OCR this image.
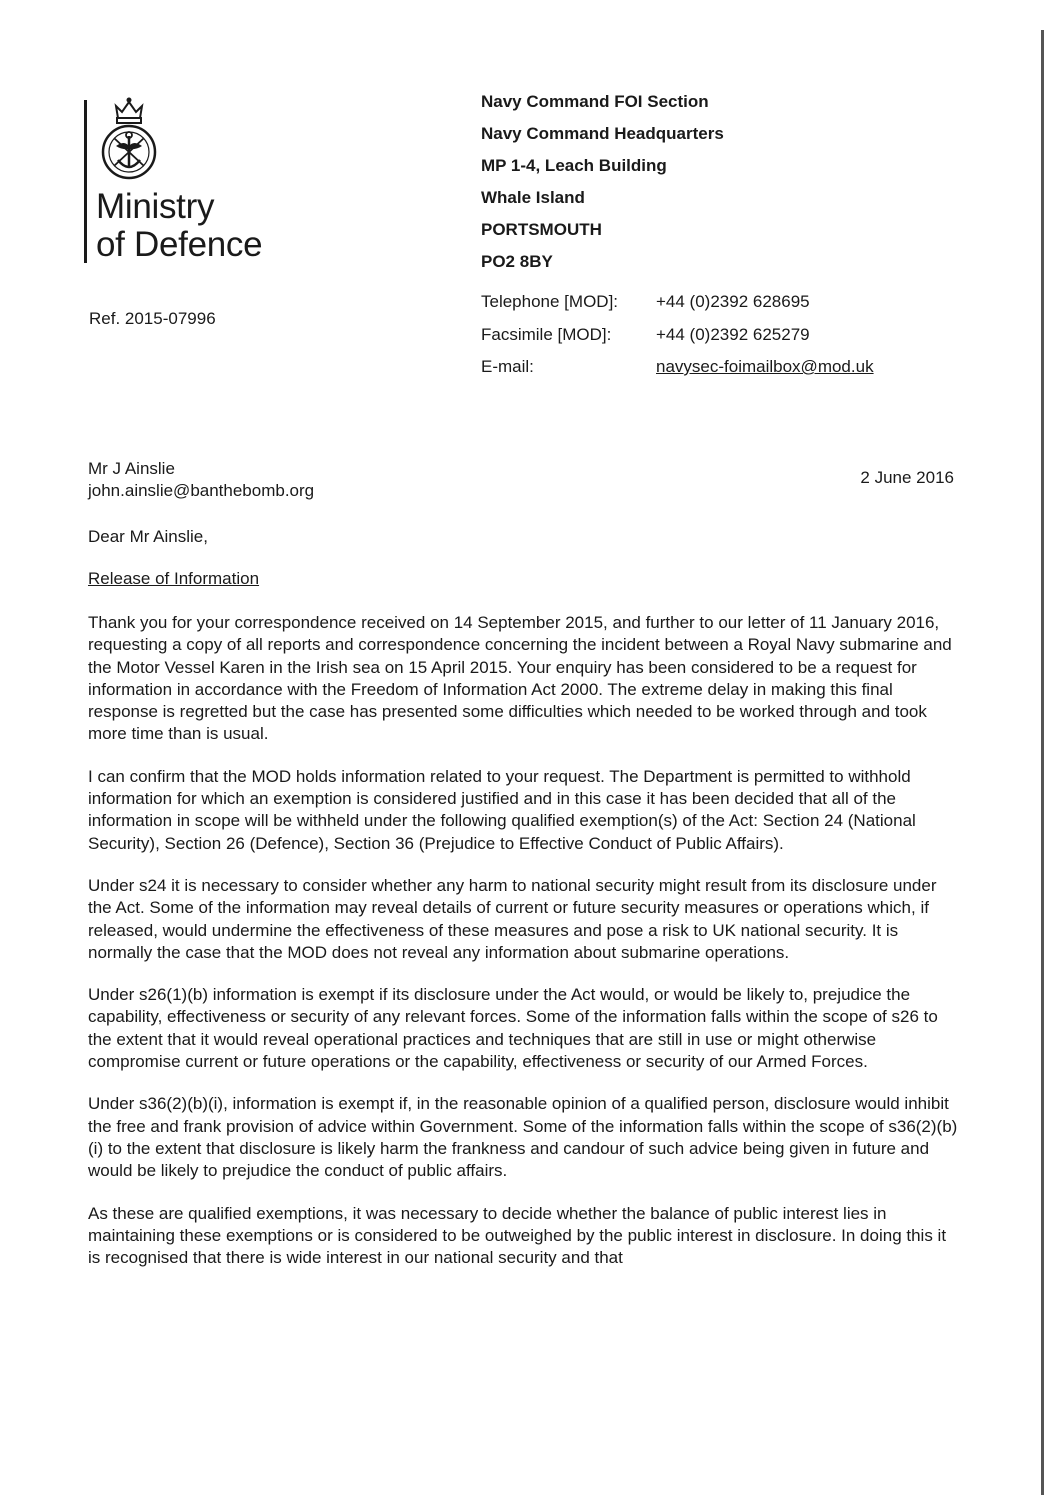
Ministry
of Defence
Navy Command FOI Section
Navy Command Headquarters
MP 1-4, Leach Building
Whale Island
PORTSMOUTH
PO2 8BY
Telephone [MOD]:	+44 (0)2392 628695
Facsimile [MOD]:	+44 (0)2392 625279
E-mail:	navysec-foimailbox@mod.uk
Ref. 2015-07996
Mr J Ainslie
john.ainslie@banthebomb.org
2 June 2016
Dear Mr Ainslie,
Release of Information

Thank you for your correspondence received on 14 September 2015, and further to our letter of 11 January 2016, requesting a copy of all reports and correspondence concerning the incident between a Royal Navy submarine and the Motor Vessel Karen in the Irish sea on 15 April 2015. Your enquiry has been considered to be a request for information in accordance with the Freedom of Information Act 2000. The extreme delay in making this final response is regretted but the case has presented some difficulties which needed to be worked through and took more time than is usual.

I can confirm that the MOD holds information related to your request. The Department is permitted to withhold information for which an exemption is considered justified and in this case it has been decided that all of the information in scope will be withheld under the following qualified exemption(s) of the Act: Section 24 (National Security), Section 26 (Defence), Section 36 (Prejudice to Effective Conduct of Public Affairs).

Under s24 it is necessary to consider whether any harm to national security might result from its disclosure under the Act. Some of the information may reveal details of current or future security measures or operations which, if released, would undermine the effectiveness of these measures and pose a risk to UK national security. It is normally the case that the MOD does not reveal any information about submarine operations.

Under s26(1)(b) information is exempt if its disclosure under the Act would, or would be likely to, prejudice the capability, effectiveness or security of any relevant forces. Some of the information falls within the scope of s26 to the extent that it would reveal operational practices and techniques that are still in use or might otherwise compromise current or future operations or the capability, effectiveness or security of our Armed Forces.

Under s36(2)(b)(i), information is exempt if, in the reasonable opinion of a qualified person, disclosure would inhibit the free and frank provision of advice within Government. Some of the information falls within the scope of s36(2)(b)(i) to the extent that disclosure is likely harm the frankness and candour of such advice being given in future and would be likely to prejudice the conduct of public affairs.

As these are qualified exemptions, it was necessary to decide whether the balance of public interest lies in maintaining these exemptions or is considered to be outweighed by the public interest in disclosure. In doing this it is recognised that there is wide interest in our national security and that
